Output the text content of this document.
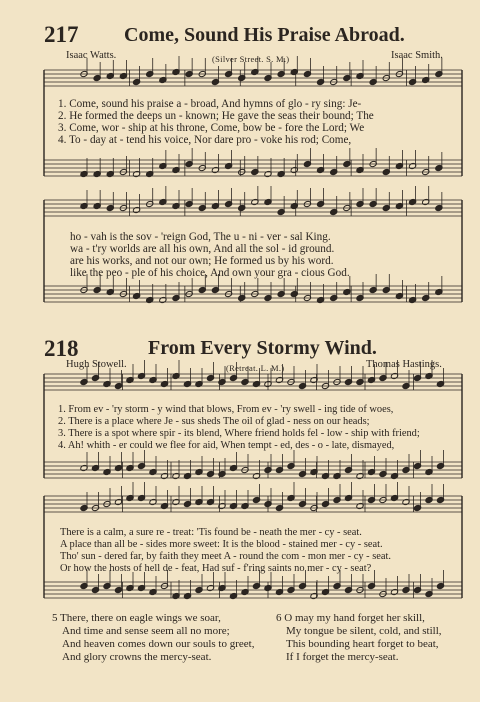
217 Come, Sound His Praise Abroad.
Isaac Watts.	(Silver Street. S. M.)	Isaac Smith.
218	From Every Stormy Wind.
Hugh Stowell.	(Retreat. L. M.)	Thomas Hastings.
1. Come, sound his praise a - broad, And hymns of glo - ry sing: Je-
2. He formed the deeps un - known; He gave the seas their bound; The
3. Come, wor - ship at his throne, Come, bow be - fore the Lord; We
4. To - day at - tend his voice, Nor dare pro - voke his rod; Come,
ho - vah is the sov - 'reign God, The u - ni - ver - sal King.
wa - t'ry worlds are all his own, And all the sol - id ground.
are his works, and not our own; He formed us by his word.
like the peo - ple of his choice, And own your gra - cious God.
1. From ev - 'ry storm - y wind that blows, From ev - 'ry swell - ing tide of woes,
2. There is a place where Je - sus sheds The oil of glad - ness on our heads;
3. There is a spot where spir - its blend, Where friend holds fel - low - ship with friend;
4. Ah! whith - er could we flee for aid, When tempt - ed, des - o - late, dismayed,
There is a calm, a sure re - treat: 'Tis found be - neath the mer - cy - seat.
A place than all be - sides more sweet: It is the blood - stained mer - cy - seat.
Tho' sun - dered far, by faith they meet A - round the com - mon mer - cy - seat.
Or how the hosts of hell de - feat, Had suf - f'ring saints no mer - cy - seat?
5 There, there on eagle wings we soar,
And time and sense seem all no more;
And heaven comes down our souls to greet,
And glory crowns the mercy-seat.
6 O may my hand forget her skill,
My tongue be silent, cold, and still,
This bounding heart forget to beat,
If I forget the mercy-seat.
